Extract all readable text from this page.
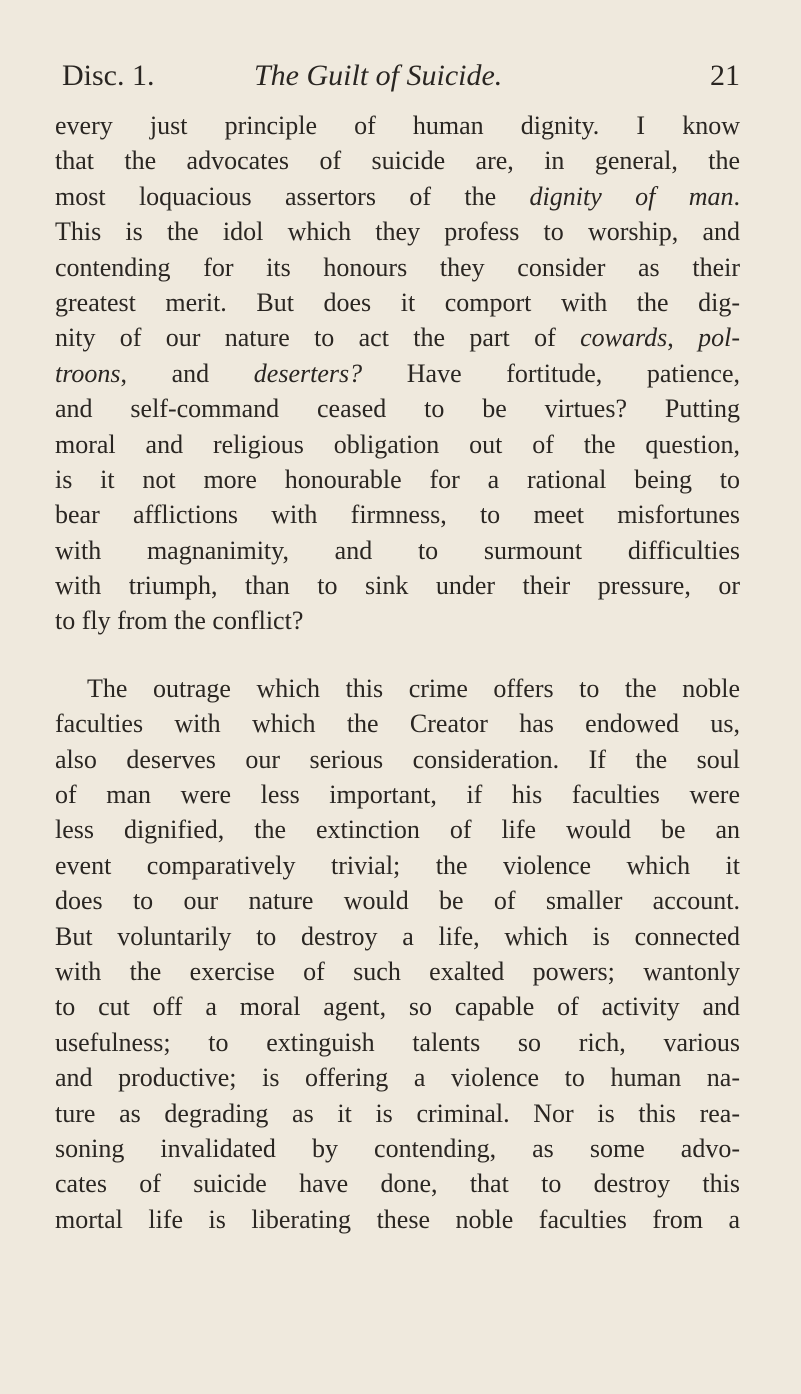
Disc. 1.	The Guilt of Suicide.	21
every just principle of human dignity. I know
that the advocates of suicide are, in general, the
most loquacious assertors of the dignity of man.
This is the idol which they profess to worship, and
contending for its honours they consider as their
greatest merit. But does it comport with the dig-
nity of our nature to act the part of cowards, pol-
troons, and deserters? Have fortitude, patience,
and self-command ceased to be virtues? Putting
moral and religious obligation out of the question,
is it not more honourable for a rational being to
bear afflictions with firmness, to meet misfortunes
with magnanimity, and to surmount difficulties
with triumph, than to sink under their pressure, or
to fly from the conflict?
The outrage which this crime offers to the noble
faculties with which the Creator has endowed us,
also deserves our serious consideration. If the soul
of man were less important, if his faculties were
less dignified, the extinction of life would be an
event comparatively trivial; the violence which it
does to our nature would be of smaller account.
But voluntarily to destroy a life, which is connected
with the exercise of such exalted powers; wantonly
to cut off a moral agent, so capable of activity and
usefulness; to extinguish talents so rich, various
and productive; is offering a violence to human na-
ture as degrading as it is criminal. Nor is this rea-
soning invalidated by contending, as some advo-
cates of suicide have done, that to destroy this
mortal life is liberating these noble faculties from a
